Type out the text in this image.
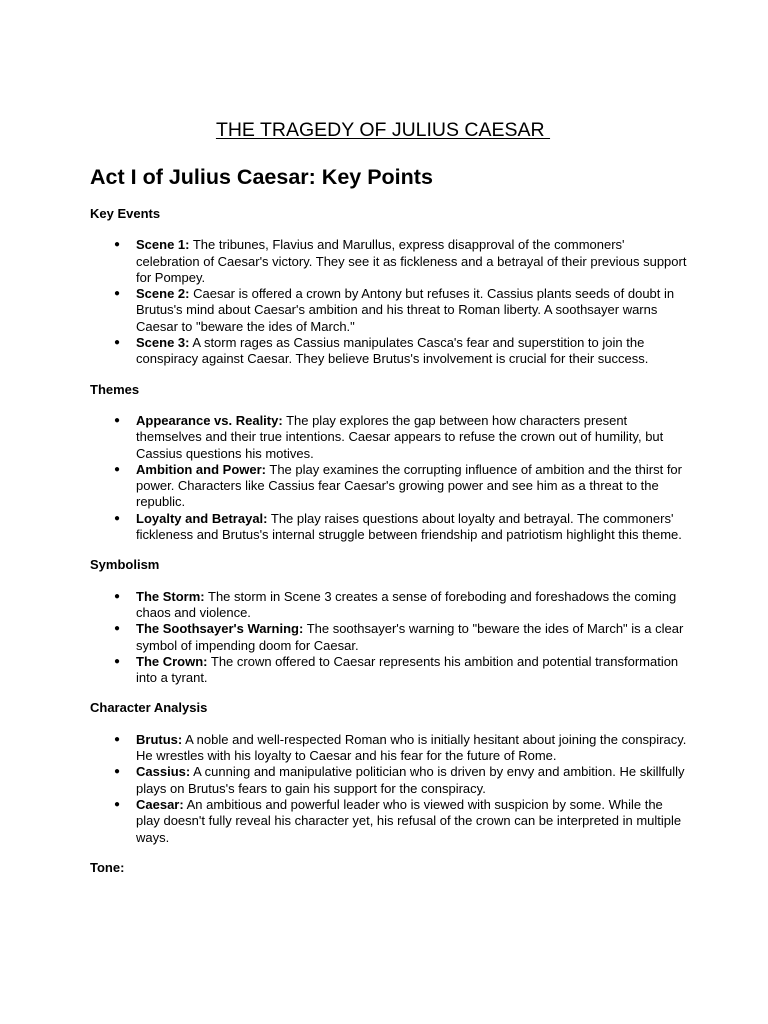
THE TRAGEDY OF JULIUS CAESAR
Act I of Julius Caesar: Key Points
Key Events
● Scene 1: The tribunes, Flavius and Marullus, express disapproval of the commoners' celebration of Caesar's victory. They see it as fickleness and a betrayal of their previous support for Pompey.
● Scene 2: Caesar is offered a crown by Antony but refuses it. Cassius plants seeds of doubt in Brutus's mind about Caesar's ambition and his threat to Roman liberty. A soothsayer warns Caesar to "beware the ides of March."
● Scene 3: A storm rages as Cassius manipulates Casca's fear and superstition to join the conspiracy against Caesar. They believe Brutus's involvement is crucial for their success.
Themes
● Appearance vs. Reality: The play explores the gap between how characters present themselves and their true intentions. Caesar appears to refuse the crown out of humility, but Cassius questions his motives.
● Ambition and Power: The play examines the corrupting influence of ambition and the thirst for power. Characters like Cassius fear Caesar's growing power and see him as a threat to the republic.
● Loyalty and Betrayal: The play raises questions about loyalty and betrayal. The commoners' fickleness and Brutus's internal struggle between friendship and patriotism highlight this theme.
Symbolism
● The Storm: The storm in Scene 3 creates a sense of foreboding and foreshadows the coming chaos and violence.
● The Soothsayer's Warning: The soothsayer's warning to "beware the ides of March" is a clear symbol of impending doom for Caesar.
● The Crown: The crown offered to Caesar represents his ambition and potential transformation into a tyrant.
Character Analysis
● Brutus: A noble and well-respected Roman who is initially hesitant about joining the conspiracy. He wrestles with his loyalty to Caesar and his fear for the future of Rome.
● Cassius: A cunning and manipulative politician who is driven by envy and ambition. He skillfully plays on Brutus's fears to gain his support for the conspiracy.
● Caesar: An ambitious and powerful leader who is viewed with suspicion by some. While the play doesn't fully reveal his character yet, his refusal of the crown can be interpreted in multiple ways.
Tone:
